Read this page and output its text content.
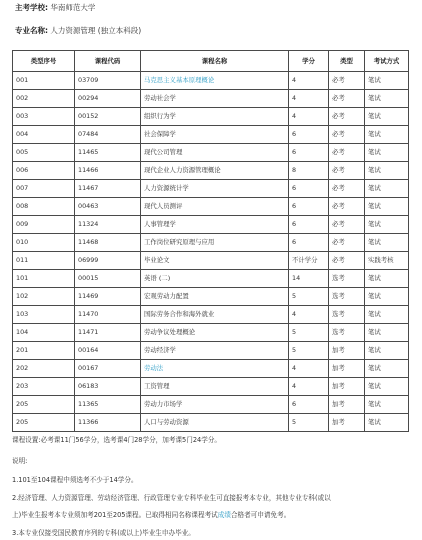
主考学校: 华南师范大学
专业名称: 人力资源管理 (独立本科段)
类型序号	课程代码	课程名称	学分	类型	考试方式
001	03709	马克思主义基本原理概论	4	必考	笔试
002	00294	劳动社会学	4	必考	笔试
003	00152	组织行为学	4	必考	笔试
004	07484	社会保障学	6	必考	笔试
005	11465	现代公司管理	6	必考	笔试
006	11466	现代企业人力资源管理概论	8	必考	笔试
007	11467	人力资源统计学	6	必考	笔试
008	00463	现代人员测评	6	必考	笔试
009	11324	人事管理学	6	必考	笔试
010	11468	工作岗位研究原理与应用	6	必考	笔试
011	06999	毕业论文	不计学分	必考	实践考核
101	00015	英语 (二)	14	选考	笔试
102	11469	宏观劳动力配置	5	选考	笔试
103	11470	国际劳务合作和海外就业	4	选考	笔试
104	11471	劳动争议处理概论	5	选考	笔试
201	00164	劳动经济学	5	加考	笔试
202	00167	劳动法	4	加考	笔试
203	06183	工资管理	4	加考	笔试
205	11365	劳动力市场学	6	加考	笔试
205	11366	人口与劳动资源	5	加考	笔试
课程设置:必考课11门56学分，选考课4门28学分，加考课5门24学分。
说明:
1.101至104课程中须选考不少于14学分。
2.经济管理、人力资源管理、劳动经济管理、行政管理专业专科毕业生可直接报考本专业，其他专业专科(或以
上)毕业生报考本专业须加考201至205课程。已取得相同名称课程考试成绩合格者可申请免考。
3.本专业仅接受国民教育序列的专科(或以上)毕业生申办毕业。
